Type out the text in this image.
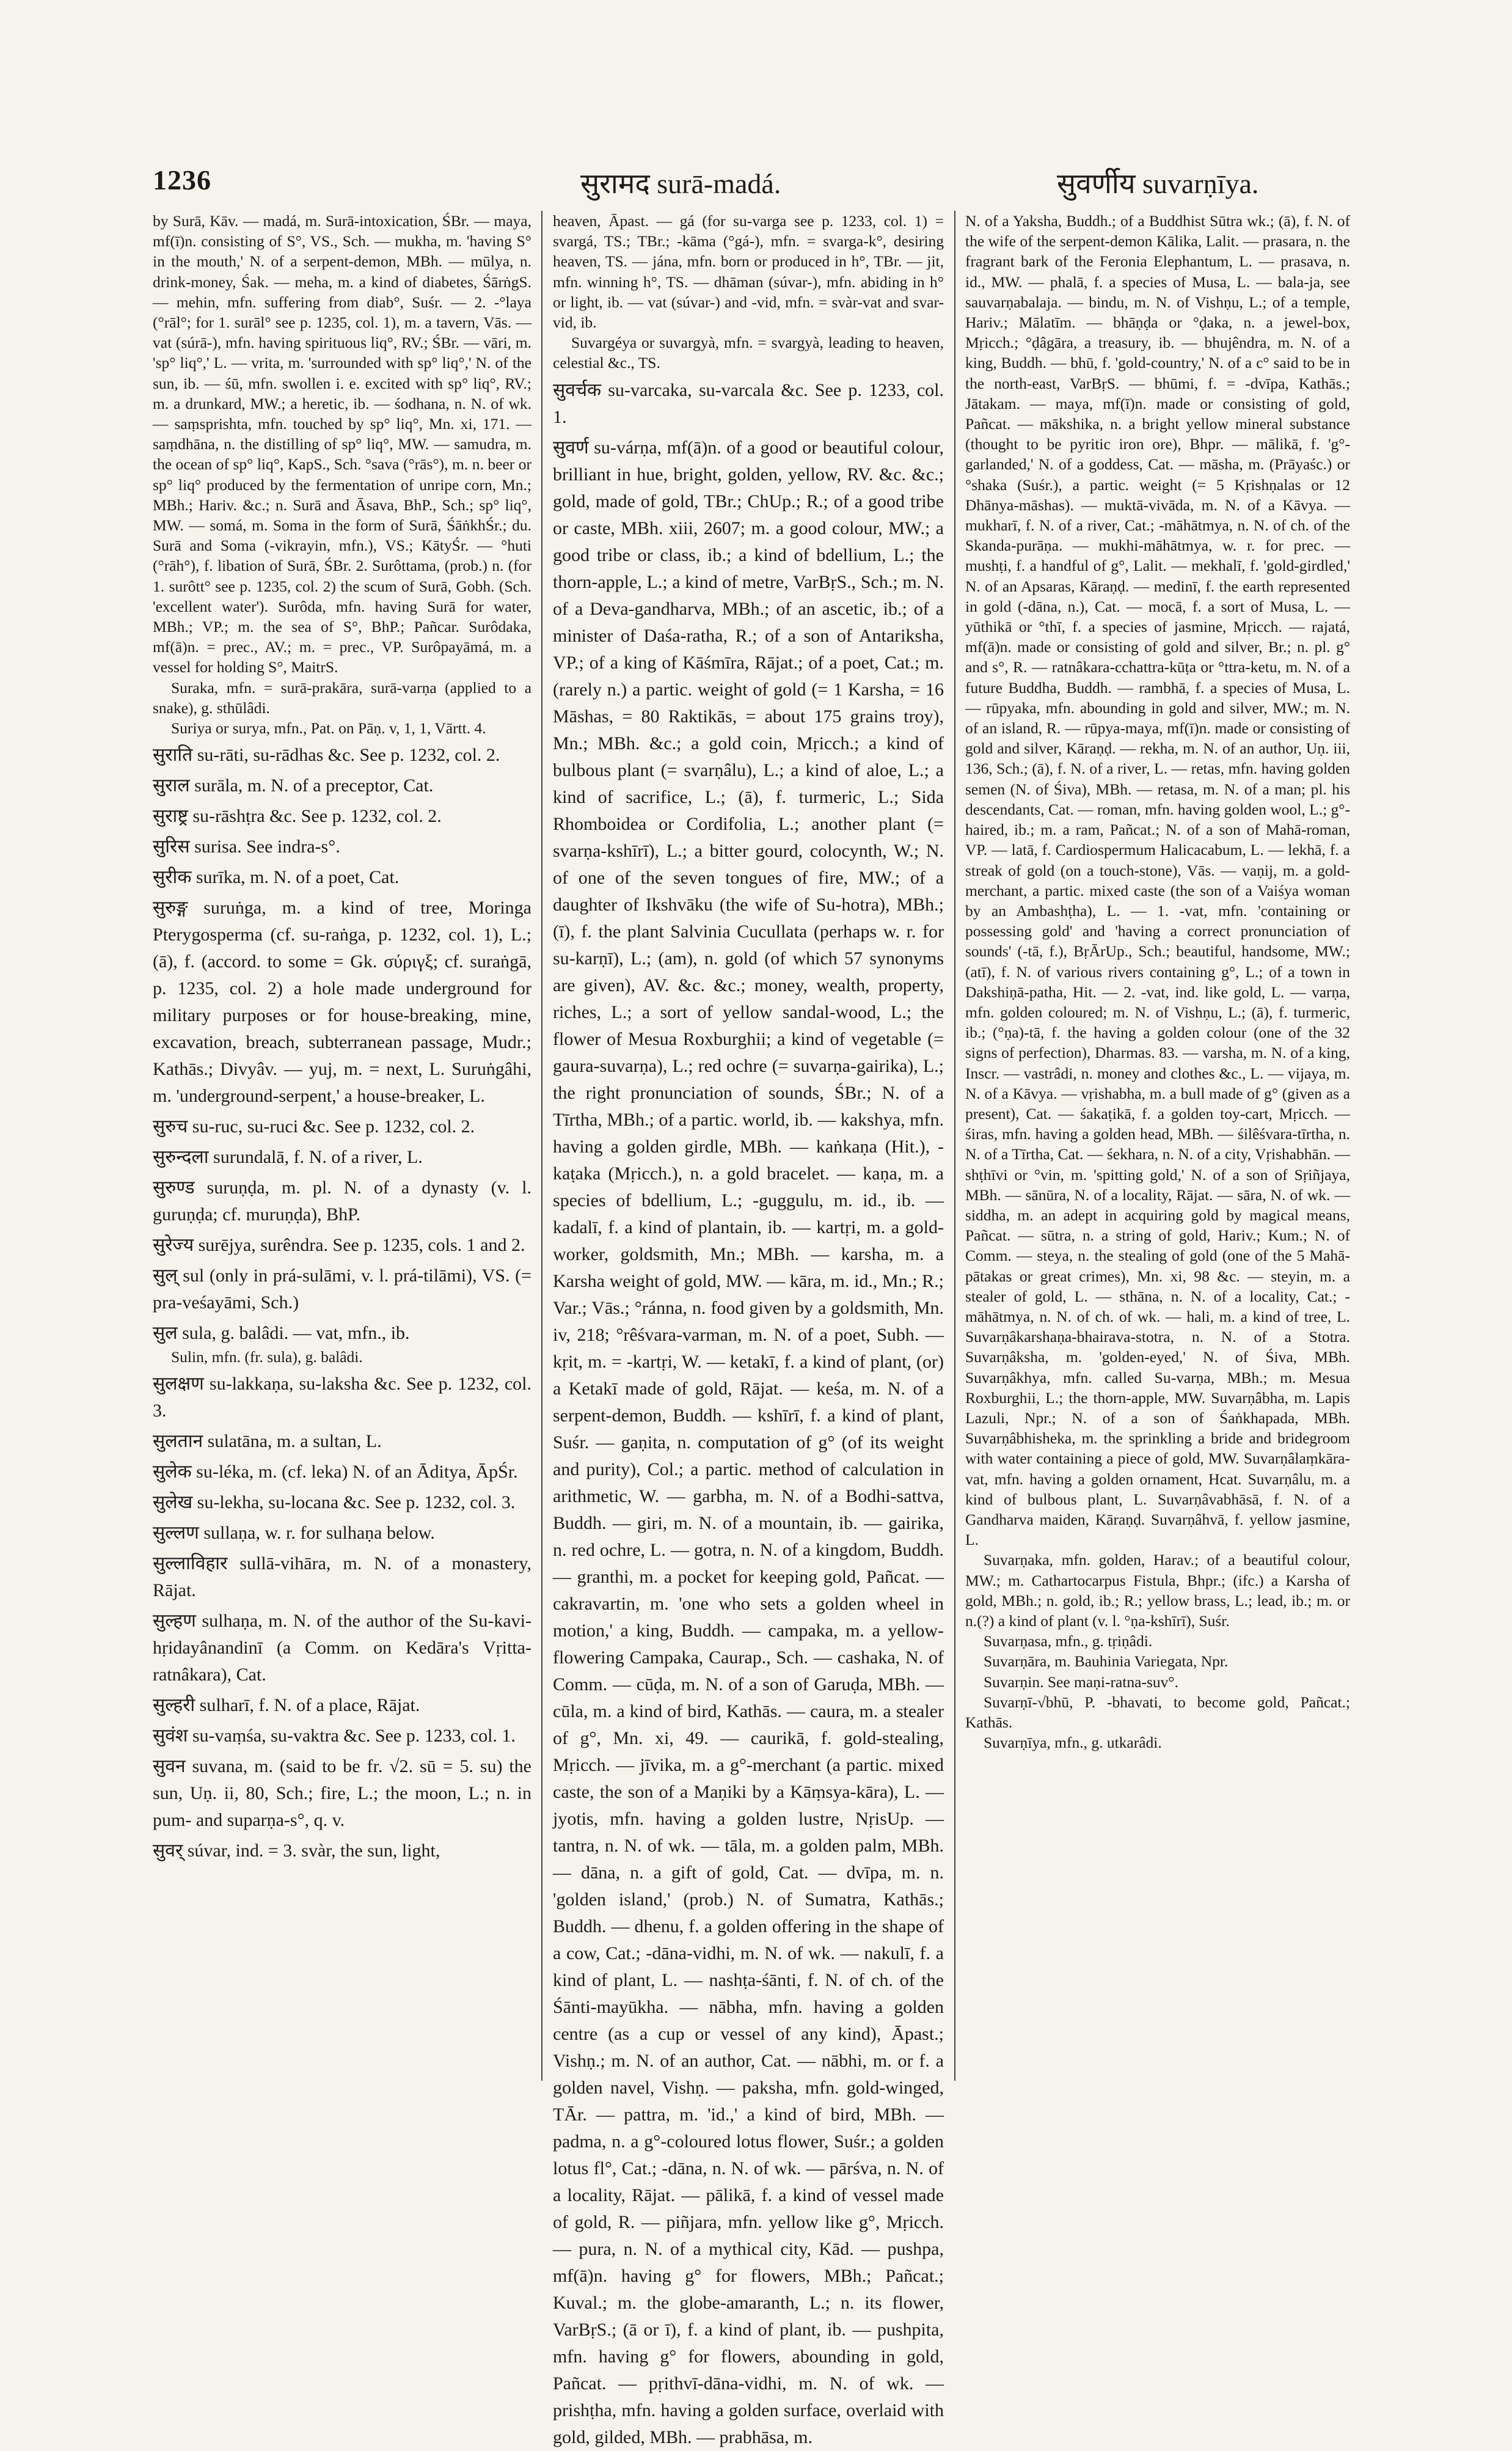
1236	सुरामद surā-madá.	सुवर्णीय suvarṇīya.

by Surā, Kāv. — madá, m. Surā-intoxication, ŚBr. — maya, mf(ī)n. consisting of S°, VS., Sch. — mukha, m. 'having S° in the mouth,' N. of a serpent-demon, MBh. — mūlya, n. drink-money, Śak. — meha, m. a kind of diabetes, ŚārṅgS. — mehin, mfn. suffering from diab°, Suśr. — 2. -°laya (°rāl°; for 1. surāl° see p. 1235, col. 1), m. a tavern, Vās. — vat (súrā-), mfn. having spirituous liq°, RV.; ŚBr. — vāri, m. 'sp° liq°,' L. — vrita, m. 'surrounded with sp° liq°,' N. of the sun, ib. — śū, mfn. swollen i. e. excited with sp° liq°, RV.; m. a drunkard, MW.; a heretic, ib. — śodhana, n. N. of wk. — saṃsprishta, mfn. touched by sp° liq°, Mn. xi, 171. — saṃdhāna, n. the distilling of sp° liq°, MW. — samudra, m. the ocean of sp° liq°, KapS., Sch. °sava (°rās°), m. n. beer or sp° liq° produced by the fermentation of unripe corn, Mn.; MBh.; Hariv. &c.; n. Surā and Āsava, BhP., Sch.; sp° liq°, MW. — somá, m. Soma in the form of Surā, ŚāṅkhŚr.; du. Surā and Soma (-vikrayin, mfn.), VS.; KātyŚr. — °huti (°rāh°), f. libation of Surā, ŚBr. 2. Surôttama, (prob.) n. (for 1. surôtt° see p. 1235, col. 2) the scum of Surā, Gobh. (Sch. 'excellent water'). Surôda, mfn. having Surā for water, MBh.; VP.; m. the sea of S°, BhP.; Pañcar. Surôdaka, mf(ā)n. = prec., AV.; m. = prec., VP. Surôpayāmá, m. a vessel for holding S°, MaitrS.

Suraka, mfn. = surā-prakāra, surā-varṇa (applied to a snake), g. sthūlâdi.

Suriya or surya, mfn., Pat. on Pāṇ. v, 1, 1, Vārtt. 4.

सुराति su-rāti, su-rādhas &c. See p. 1232, col. 2.

सुराल surāla, m. N. of a preceptor, Cat.

सुराष्ट्र su-rāshṭra &c. See p. 1232, col. 2.

सुरिस surisa. See indra-s°.

सुरीक surīka, m. N. of a poet, Cat.

सुरुङ्ग suruṅga, m. a kind of tree, Moringa Pterygosperma (cf. su-raṅga, p. 1232, col. 1), L.; (ā), f. (accord. to some = Gk. σύριγξ; cf. suraṅgā, p. 1235, col. 2) a hole made underground for military purposes or for house-breaking, mine, excavation, breach, subterranean passage, Mudr.; Kathās.; Divyâv. — yuj, m. = next, L. Suruṅgâhi, m. 'underground-serpent,' a house-breaker, L.

सुरुच su-ruc, su-ruci &c. See p. 1232, col. 2.

सुरुन्दला surundalā, f. N. of a river, L.

सुरुण्ड suruṇḍa, m. pl. N. of a dynasty (v. l. guruṇḍa; cf. muruṇḍa), BhP.

सुरेज्य surējya, surêndra. See p. 1235, cols. 1 and 2.

सुल् sul (only in prá-sulāmi, v. l. prá-tilāmi), VS. (= pra-veśayāmi, Sch.)

सुल sula, g. balâdi. — vat, mfn., ib.

Sulin, mfn. (fr. sula), g. balâdi.

सुलक्षण su-lakkaṇa, su-laksha &c. See p. 1232, col. 3.

सुलतान sulatāna, m. a sultan, L.

सुलेक su-léka, m. (cf. leka) N. of an Āditya, ĀpŚr.

सुलेख su-lekha, su-locana &c. See p. 1232, col. 3.

सुल्लण sullaṇa, w. r. for sulhaṇa below.

सुल्लाविहार sullā-vihāra, m. N. of a monastery, Rājat.

सुल्हण sulhaṇa, m. N. of the author of the Su-kavi-hṛidayânandinī (a Comm. on Kedāra's Vṛitta-ratnâkara), Cat.

सुल्हरी sulharī, f. N. of a place, Rājat.

सुवंश su-vaṃśa, su-vaktra &c. See p. 1233, col. 1.

सुवन suvana, m. (said to be fr. √2. sū = 5. su) the sun, Uṇ. ii, 80, Sch.; fire, L.; the moon, L.; n. in pum- and suparṇa-s°, q. v.

सुवर् súvar, ind. = 3. svàr, the sun, light,

heaven, Āpast. — gá (for su-varga see p. 1233, col. 1) = svargá, TS.; TBr.; -kāma (°gá-), mfn. = svarga-k°, desiring heaven, TS. — jána, mfn. born or produced in h°, TBr. — jit, mfn. winning h°, TS. — dhāman (súvar-), mfn. abiding in h° or light, ib. — vat (súvar-) and -vid, mfn. = svàr-vat and svar-vid, ib.

Suvargéya or suvargyà, mfn. = svargyà, leading to heaven, celestial &c., TS.

सुवर्चक su-varcaka, su-varcala &c. See p. 1233, col. 1.

सुवर्ण su-várṇa, mf(ā)n. of a good or beautiful colour, brilliant in hue, bright, golden, yellow, RV. &c. &c.; gold, made of gold, TBr.; ChUp.; R.; of a good tribe or caste, MBh. xiii, 2607; m. a good colour, MW.; a good tribe or class, ib.; a kind of bdellium, L.; the thorn-apple, L.; a kind of metre, VarBṛS., Sch.; m. N. of a Deva-gandharva, MBh.; of an ascetic, ib.; of a minister of Daśa-ratha, R.; of a son of Antariksha, VP.; of a king of Kāśmīra, Rājat.; of a poet, Cat.; m. (rarely n.) a partic. weight of gold (= 1 Karsha, = 16 Māshas, = 80 Raktikās, = about 175 grains troy), Mn.; MBh. &c.; a gold coin, Mṛicch.; a kind of bulbous plant (= svarṇâlu), L.; a kind of aloe, L.; a kind of sacrifice, L.; (ā), f. turmeric, L.; Sida Rhomboidea or Cordifolia, L.; another plant (= svarṇa-kshīrī), L.; a bitter gourd, colocynth, W.; N. of one of the seven tongues of fire, MW.; of a daughter of Ikshvāku (the wife of Su-hotra), MBh.; (ī), f. the plant Salvinia Cucullata (perhaps w. r. for su-karṇī), L.; (am), n. gold (of which 57 synonyms are given), AV. &c. &c.; money, wealth, property, riches, L.; a sort of yellow sandal-wood, L.; the flower of Mesua Roxburghii; a kind of vegetable (= gaura-suvarṇa), L.; red ochre (= suvarṇa-gairika), L.; the right pronunciation of sounds, ŚBr.; N. of a Tīrtha, MBh.; of a partic. world, ib. — kakshya, mfn. having a golden girdle, MBh. — kaṅkaṇa (Hit.), -kaṭaka (Mṛicch.), n. a gold bracelet. — kaṇa, m. a species of bdellium, L.; -guggulu, m. id., ib. — kadalī, f. a kind of plantain, ib. — kartṛi, m. a gold-worker, goldsmith, Mn.; MBh. — karsha, m. a Karsha weight of gold, MW. — kāra, m. id., Mn.; R.; Var.; Vās.; °ránna, n. food given by a goldsmith, Mn. iv, 218; °rêśvara-varman, m. N. of a poet, Subh. — kṛit, m. = -kartṛi, W. — ketakī, f. a kind of plant, (or) a Ketakī made of gold, Rājat. — keśa, m. N. of a serpent-demon, Buddh. — kshīrī, f. a kind of plant, Suśr. — gaṇita, n. computation of g° (of its weight and purity), Col.; a partic. method of calculation in arithmetic, W. — garbha, m. N. of a Bodhi-sattva, Buddh. — giri, m. N. of a mountain, ib. — gairika, n. red ochre, L. — gotra, n. N. of a kingdom, Buddh. — granthi, m. a pocket for keeping gold, Pañcat. — cakravartin, m. 'one who sets a golden wheel in motion,' a king, Buddh. — campaka, m. a yellow-flowering Campaka, Caurap., Sch. — cashaka, N. of Comm. — cūḍa, m. N. of a son of Garuḍa, MBh. — cūla, m. a kind of bird, Kathās. — caura, m. a stealer of g°, Mn. xi, 49. — caurikā, f. gold-stealing, Mṛicch. — jīvika, m. a g°-merchant (a partic. mixed caste, the son of a Maṇiki by a Kāṃsya-kāra), L. — jyotis, mfn. having a golden lustre, NṛisUp. — tantra, n. N. of wk. — tāla, m. a golden palm, MBh. — dāna, n. a gift of gold, Cat. — dvīpa, m. n. 'golden island,' (prob.) N. of Sumatra, Kathās.; Buddh. — dhenu, f. a golden offering in the shape of a cow, Cat.; -dāna-vidhi, m. N. of wk. — nakulī, f. a kind of plant, L. — nashṭa-śānti, f. N. of ch. of the Śānti-mayūkha. — nābha, mfn. having a golden centre (as a cup or vessel of any kind), Āpast.; Vishṇ.; m. N. of an author, Cat. — nābhi, m. or f. a golden navel, Vishṇ. — paksha, mfn. gold-winged, TĀr. — pattra, m. 'id.,' a kind of bird, MBh. — padma, n. a g°-coloured lotus flower, Suśr.; a golden lotus fl°, Cat.; -dāna, n. N. of wk. — pārśva, n. N. of a locality, Rājat. — pālikā, f. a kind of vessel made of gold, R. — piñjara, mfn. yellow like g°, Mṛicch. — pura, n. N. of a mythical city, Kād. — pushpa, mf(ā)n. having g° for flowers, MBh.; Pañcat.; Kuval.; m. the globe-amaranth, L.; n. its flower, VarBṛS.; (ā or ī), f. a kind of plant, ib. — pushpita, mfn. having g° for flowers, abounding in gold, Pañcat. — pṛithvī-dāna-vidhi, m. N. of wk. — prishṭha, mfn. having a golden surface, overlaid with gold, gilded, MBh. — prabhāsa, m.

N. of a Yaksha, Buddh.; of a Buddhist Sūtra wk.; (ā), f. N. of the wife of the serpent-demon Kālika, Lalit. — prasara, n. the fragrant bark of the Feronia Elephantum, L. — prasava, n. id., MW. — phalā, f. a species of Musa, L. — bala-ja, see sauvarṇabalaja. — bindu, m. N. of Vishṇu, L.; of a temple, Hariv.; Mālatīm. — bhāṇḍa or °ḍaka, n. a jewel-box, Mṛicch.; °ḍâgāra, a treasury, ib. — bhujêndra, m. N. of a king, Buddh. — bhū, f. 'gold-country,' N. of a c° said to be in the north-east, VarBṛS. — bhūmi, f. = -dvīpa, Kathās.; Jātakam. — maya, mf(ī)n. made or consisting of gold, Pañcat. — mākshika, n. a bright yellow mineral substance (thought to be pyritic iron ore), Bhpr. — mālikā, f. 'g°-garlanded,' N. of a goddess, Cat. — māsha, m. (Prāyaśc.) or °shaka (Suśr.), a partic. weight (= 5 Kṛishṇalas or 12 Dhānya-māshas). — muktā-vivāda, m. N. of a Kāvya. — mukharī, f. N. of a river, Cat.; -māhātmya, n. N. of ch. of the Skanda-purāṇa. — mukhi-māhātmya, w. r. for prec. — mushṭi, f. a handful of g°, Lalit. — mekhalī, f. 'gold-girdled,' N. of an Apsaras, Kāraṇḍ. — medinī, f. the earth represented in gold (-dāna, n.), Cat. — mocā, f. a sort of Musa, L. — yūthikā or °thī, f. a species of jasmine, Mṛicch. — rajatá, mf(ā)n. made or consisting of gold and silver, Br.; n. pl. g° and s°, R. — ratnâkara-cchattra-kūṭa or °ttra-ketu, m. N. of a future Buddha, Buddh. — rambhā, f. a species of Musa, L. — rūpyaka, mfn. abounding in gold and silver, MW.; m. N. of an island, R. — rūpya-maya, mf(ī)n. made or consisting of gold and silver, Kāraṇḍ. — rekha, m. N. of an author, Uṇ. iii, 136, Sch.; (ā), f. N. of a river, L. — retas, mfn. having golden semen (N. of Śiva), MBh. — retasa, m. N. of a man; pl. his descendants, Cat. — roman, mfn. having golden wool, L.; g°-haired, ib.; m. a ram, Pañcat.; N. of a son of Mahā-roman, VP. — latā, f. Cardiospermum Halicacabum, L. — lekhā, f. a streak of gold (on a touch-stone), Vās. — vaṇij, m. a gold-merchant, a partic. mixed caste (the son of a Vaiśya woman by an Ambashṭha), L. — 1. -vat, mfn. 'containing or possessing gold' and 'having a correct pronunciation of sounds' (-tā, f.), BṛĀrUp., Sch.; beautiful, handsome, MW.; (atī), f. N. of various rivers containing g°, L.; of a town in Dakshiṇā-patha, Hit. — 2. -vat, ind. like gold, L. — varṇa, mfn. golden coloured; m. N. of Vishṇu, L.; (ā), f. turmeric, ib.; (°ṇa)-tā, f. the having a golden colour (one of the 32 signs of perfection), Dharmas. 83. — varsha, m. N. of a king, Inscr. — vastrâdi, n. money and clothes &c., L. — vijaya, m. N. of a Kāvya. — vṛishabha, m. a bull made of g° (given as a present), Cat. — śakaṭikā, f. a golden toy-cart, Mṛicch. — śiras, mfn. having a golden head, MBh. — śilêśvara-tīrtha, n. N. of a Tīrtha, Cat. — śekhara, n. N. of a city, Vṛishabhān. — shṭhīvi or °vin, m. 'spitting gold,' N. of a son of Sṛiñjaya, MBh. — sānūra, N. of a locality, Rājat. — sāra, N. of wk. — siddha, m. an adept in acquiring gold by magical means, Pañcat. — sūtra, n. a string of gold, Hariv.; Kum.; N. of Comm. — steya, n. the stealing of gold (one of the 5 Mahā-pātakas or great crimes), Mn. xi, 98 &c. — steyin, m. a stealer of gold, L. — sthāna, n. N. of a locality, Cat.; -māhātmya, n. N. of ch. of wk. — hali, m. a kind of tree, L. Suvarṇâkarshaṇa-bhairava-stotra, n. N. of a Stotra. Suvarṇâksha, m. 'golden-eyed,' N. of Śiva, MBh. Suvarṇâkhya, mfn. called Su-varṇa, MBh.; m. Mesua Roxburghii, L.; the thorn-apple, MW. Suvarṇâbha, m. Lapis Lazuli, Npr.; N. of a son of Śaṅkhapada, MBh. Suvarṇâbhisheka, m. the sprinkling a bride and bridegroom with water containing a piece of gold, MW. Suvarṇâlaṃkāra-vat, mfn. having a golden ornament, Hcat. Suvarṇâlu, m. a kind of bulbous plant, L. Suvarṇâvabhāsā, f. N. of a Gandharva maiden, Kāraṇḍ. Suvarṇâhvā, f. yellow jasmine, L.

Suvarṇaka, mfn. golden, Harav.; of a beautiful colour, MW.; m. Cathartocarpus Fistula, Bhpr.; (ifc.) a Karsha of gold, MBh.; n. gold, ib.; R.; yellow brass, L.; lead, ib.; m. or n.(?) a kind of plant (v. l. °ṇa-kshīrī), Suśr.

Suvarṇasa, mfn., g. tṛiṇâdi.

Suvarṇāra, m. Bauhinia Variegata, Npr.

Suvarṇin. See maṇi-ratna-suv°.

Suvarṇī-√bhū, P. -bhavati, to become gold, Pañcat.; Kathās.

Suvarṇīya, mfn., g. utkarâdi.
